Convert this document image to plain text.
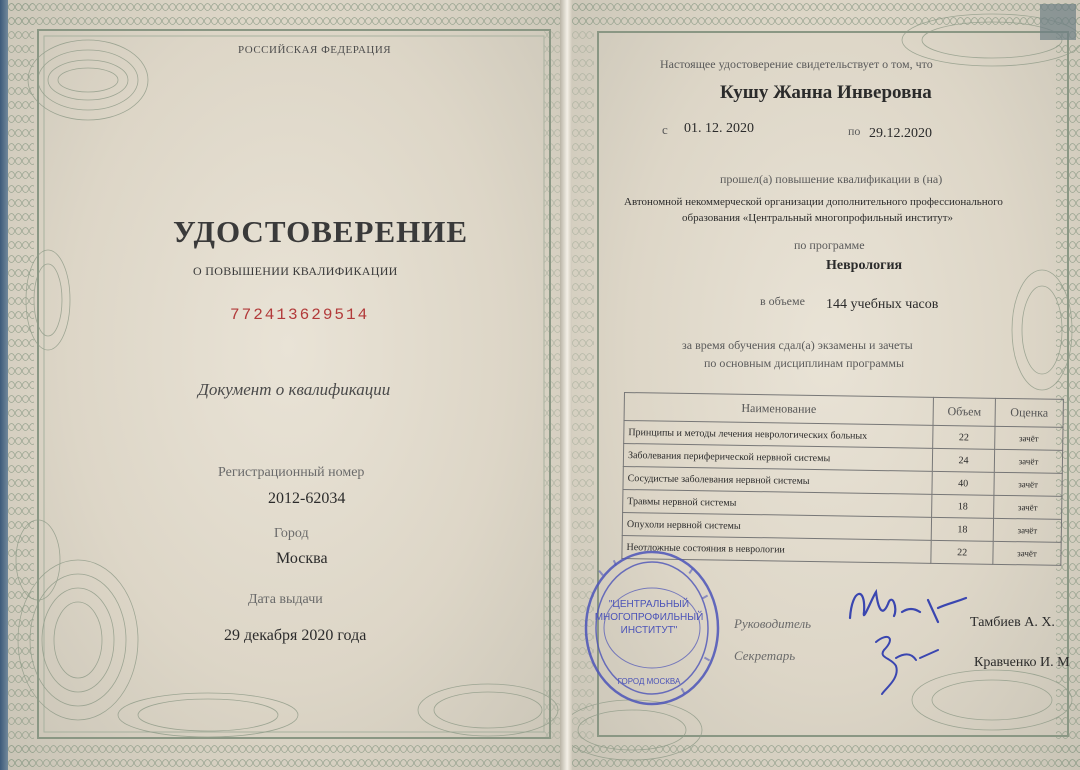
РОССИЙСКАЯ ФЕДЕРАЦИЯ
УДОСТОВЕРЕНИЕ
О ПОВЫШЕНИИ КВАЛИФИКАЦИИ
772413629514
Документ о квалификации
Регистрационный номер
2012-62034
Город
Москва
Дата выдачи
29 декабря 2020 года
Настоящее удостоверение свидетельствует о том, что
Кушу Жанна Инверовна
с 01. 12. 2020	по 29.12.2020
прошел(а) повышение квалификации в (на)
Автономной некоммерческой организации дополнительного профессионального
образования «Центральный многопрофильный институт»
по программе
Неврология
в объеме 144 учебных часов
за время обучения сдал(а) экзамены и зачеты
по основным дисциплинам программы
Наименование	Объем	Оценка
Принципы и методы лечения неврологических больных	22	зачёт
Заболевания периферической нервной системы	24	зачёт
Сосудистые заболевания нервной системы	40	зачёт
Травмы нервной системы	18	зачёт
Опухоли нервной системы	18	зачёт
Неотложные состояния в неврологии	22	зачёт
Руководитель	Тамбиев А. Х.
Секретарь	Кравченко И. М
"ЦЕНТРАЛЬНЫЙ
МНОГОПРОФИЛЬНЫЙ
ИНСТИТУТ"
ГОРОД МОСКВА
